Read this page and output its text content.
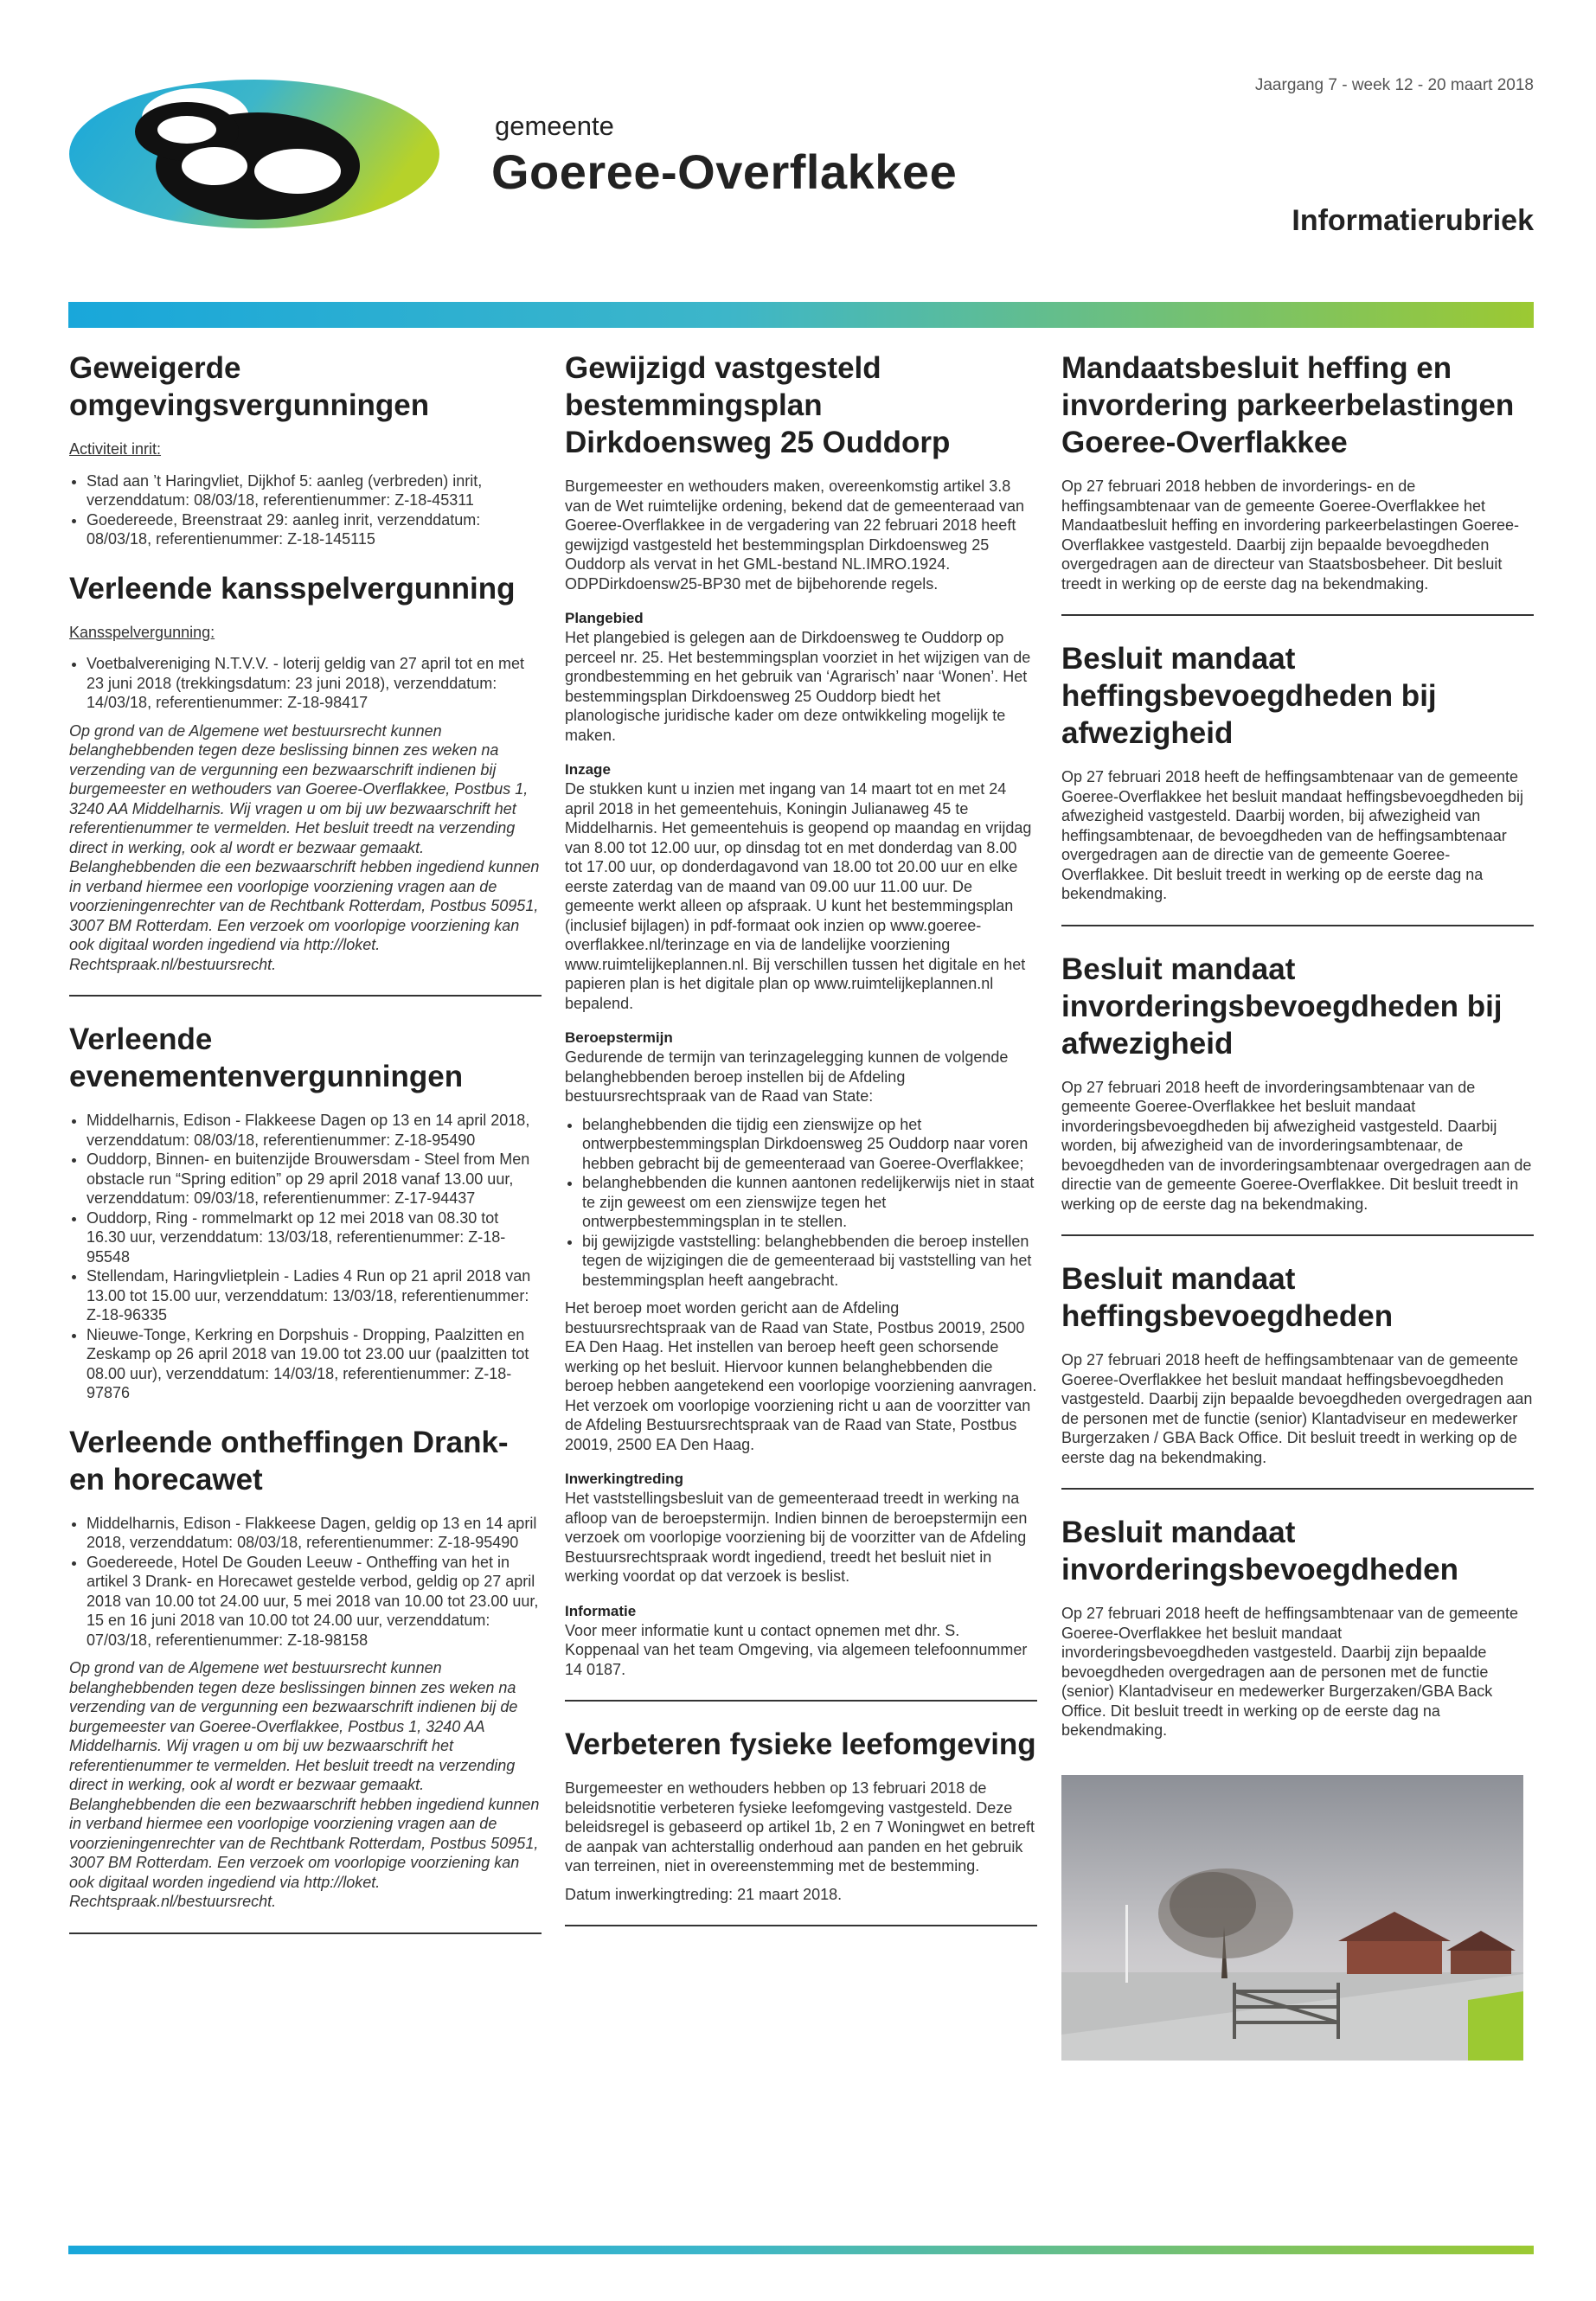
Jaargang 7 - week 12 - 20 maart 2018
gemeente
Goeree-Overflakkee
Informatierubriek
Geweigerde omgevingsvergunningen
Activiteit inrit:
• Stad aan ’t Haringvliet, Dijkhof 5: aanleg (verbreden) inrit, verzenddatum: 08/03/18, referentienummer: Z-18-45311
• Goedereede, Breenstraat 29: aanleg inrit, verzenddatum: 08/03/18, referentienummer: Z-18-145115
Verleende kansspelvergunning
Kansspelvergunning:
• Voetbalvereniging N.T.V.V. - loterij geldig van 27 april tot en met 23 juni 2018 (trekkingsdatum: 23 juni 2018), verzenddatum: 14/03/18, referentienummer: Z-18-98417

Op grond van de Algemene wet bestuursrecht kunnen belanghebbenden tegen deze beslissing binnen zes weken na verzending van de vergunning een bezwaarschrift indienen bij burgemeester en wethouders van Goeree-Overflakkee, Postbus 1, 3240 AA Middelharnis. Wij vragen u om bij uw bezwaarschrift het referentienummer te vermelden. Het besluit treedt na verzending direct in werking, ook al wordt er bezwaar gemaakt. Belanghebbenden die een bezwaarschrift hebben ingediend kunnen in verband hiermee een voorlopige voorziening vragen aan de voorzieningenrechter van de Rechtbank Rotterdam, Postbus 50951, 3007 BM Rotterdam. Een verzoek om voorlopige voorziening kan ook digitaal worden ingediend via http://loket. Rechtspraak.nl/bestuursrecht.

Verleende evenementenvergunningen
• Middelharnis, Edison - Flakkeese Dagen op 13 en 14 april 2018, verzenddatum: 08/03/18, referentienummer: Z-18-95490
• Ouddorp, Binnen- en buitenzijde Brouwersdam - Steel from Men obstacle run “Spring edition” op 29 april 2018 vanaf 13.00 uur, verzenddatum: 09/03/18, referentienummer: Z-17-94437
• Ouddorp, Ring - rommelmarkt op 12 mei 2018 van 08.30 tot 16.30 uur, verzenddatum: 13/03/18, referentienummer: Z-18-95548
• Stellendam, Haringvlietplein - Ladies 4 Run op 21 april 2018 van 13.00 tot 15.00 uur, verzenddatum: 13/03/18, referentienummer: Z-18-96335
• Nieuwe-Tonge, Kerkring en Dorpshuis - Dropping, Paalzitten en Zeskamp op 26 april 2018 van 19.00 tot 23.00 uur (paalzitten tot 08.00 uur), verzenddatum: 14/03/18, referentienummer: Z-18-97876
Verleende ontheffingen Drank- en horecawet
• Middelharnis, Edison - Flakkeese Dagen, geldig op 13 en 14 april 2018, verzenddatum: 08/03/18, referentienummer: Z-18-95490
• Goedereede, Hotel De Gouden Leeuw - Ontheffing van het in artikel 3 Drank- en Horecawet gestelde verbod, geldig op 27 april 2018 van 10.00 tot 24.00 uur, 5 mei 2018 van 10.00 tot 23.00 uur, 15 en 16 juni 2018 van 10.00 tot 24.00 uur, verzenddatum: 07/03/18, referentienummer: Z-18-98158

Op grond van de Algemene wet bestuursrecht kunnen belanghebbenden tegen deze beslissingen binnen zes weken na verzending van de vergunning een bezwaarschrift indienen bij de burgemeester van Goeree-Overflakkee, Postbus 1, 3240 AA Middelharnis. Wij vragen u om bij uw bezwaarschrift het referentienummer te vermelden. Het besluit treedt na verzending direct in werking, ook al wordt er bezwaar gemaakt. Belanghebbenden die een bezwaarschrift hebben ingediend kunnen in verband hiermee een voorlopige voorziening vragen aan de voorzieningenrechter van de Rechtbank Rotterdam, Postbus 50951, 3007 BM Rotterdam. Een verzoek om voorlopige voorziening kan ook digitaal worden ingediend via http://loket. Rechtspraak.nl/bestuursrecht.

Gewijzigd vastgesteld bestemmingsplan Dirkdoensweg 25 Ouddorp

Burgemeester en wethouders maken, overeenkomstig artikel 3.8 van de Wet ruimtelijke ordening, bekend dat de gemeenteraad van Goeree-Overflakkee in de vergadering van 22 februari 2018 heeft gewijzigd vastgesteld het bestemmingsplan Dirkdoensweg 25 Ouddorp als vervat in het GML-bestand NL.IMRO.1924. ODPDirkdoensw25-BP30 met de bijbehorende regels.

Plangebied

Het plangebied is gelegen aan de Dirkdoensweg te Ouddorp op perceel nr. 25. Het bestemmingsplan voorziet in het wijzigen van de grondbestemming en het gebruik van ‘Agrarisch’ naar ‘Wonen’. Het bestemmingsplan Dirkdoensweg 25 Ouddorp biedt het planologische juridische kader om deze ontwikkeling mogelijk te maken.

Inzage

De stukken kunt u inzien met ingang van 14 maart tot en met 24 april 2018 in het gemeentehuis, Koningin Julianaweg 45 te Middelharnis. Het gemeentehuis is geopend op maandag en vrijdag van 8.00 tot 12.00 uur, op dinsdag tot en met donderdag van 8.00 tot 17.00 uur, op donderdagavond van 18.00 tot 20.00 uur en elke eerste zaterdag van de maand van 09.00 uur 11.00 uur. De gemeente werkt alleen op afspraak. U kunt het bestemmingsplan (inclusief bijlagen) in pdf-formaat ook inzien op www.goeree-overflakkee.nl/terinzage en via de landelijke voorziening www.ruimtelijkeplannen.nl. Bij verschillen tussen het digitale en het papieren plan is het digitale plan op www.ruimtelijkeplannen.nl bepalend.

Beroepstermijn

Gedurende de termijn van terinzagelegging kunnen de volgende belanghebbenden beroep instellen bij de Afdeling bestuursrechtspraak van de Raad van State:

• belanghebbenden die tijdig een zienswijze op het ontwerpbestemmingsplan Dirkdoensweg 25 Ouddorp naar voren hebben gebracht bij de gemeenteraad van Goeree-Overflakkee;
• belanghebbenden die kunnen aantonen redelijkerwijs niet in staat te zijn geweest om een zienswijze tegen het ontwerpbestemmingsplan in te stellen.
• bij gewijzigde vaststelling: belanghebbenden die beroep instellen tegen de wijzigingen die de gemeenteraad bij vaststelling van het bestemmingsplan heeft aangebracht.

Het beroep moet worden gericht aan de Afdeling bestuursrechtspraak van de Raad van State, Postbus 20019, 2500 EA Den Haag. Het instellen van beroep heeft geen schorsende werking op het besluit. Hiervoor kunnen belanghebbenden die beroep hebben aangetekend een voorlopige voorziening aanvragen. Het verzoek om voorlopige voorziening richt u aan de voorzitter van de Afdeling Bestuursrechtspraak van de Raad van State, Postbus 20019, 2500 EA Den Haag.

Inwerkingtreding

Het vaststellingsbesluit van de gemeenteraad treedt in werking na afloop van de beroepstermijn. Indien binnen de beroepstermijn een verzoek om voorlopige voorziening bij de voorzitter van de Afdeling Bestuursrechtspraak wordt ingediend, treedt het besluit niet in werking voordat op dat verzoek is beslist.

Informatie

Voor meer informatie kunt u contact opnemen met dhr. S. Koppenaal van het team Omgeving, via algemeen telefoonnummer 14 0187.

Verbeteren fysieke leefomgeving

Burgemeester en wethouders hebben op 13 februari 2018 de beleidsnotitie verbeteren fysieke leefomgeving vastgesteld. Deze beleidsregel is gebaseerd op artikel 1b, 2 en 7 Woningwet en betreft de aanpak van achterstallig onderhoud aan panden en het gebruik van terreinen, niet in overeenstemming met de bestemming.

Datum inwerkingtreding: 21 maart 2018.

Mandaatsbesluit heffing en invordering parkeerbelastingen Goeree-Overflakkee

Op 27 februari 2018 hebben de invorderings- en de heffingsambtenaar van de gemeente Goeree-Overflakkee het Mandaatbesluit heffing en invordering parkeerbelastingen Goeree-Overflakkee vastgesteld. Daarbij zijn bepaalde bevoegdheden overgedragen aan de directeur van Staatsbosbeheer. Dit besluit treedt in werking op de eerste dag na bekendmaking.

Besluit mandaat heffingsbevoegdheden bij afwezigheid

Op 27 februari 2018 heeft de heffingsambtenaar van de gemeente Goeree-Overflakkee het besluit mandaat heffingsbevoegdheden bij afwezigheid vastgesteld. Daarbij worden, bij afwezigheid van heffingsambtenaar, de bevoegdheden van de heffingsambtenaar overgedragen aan de directie van de gemeente Goeree-Overflakkee. Dit besluit treedt in werking op de eerste dag na bekendmaking.

Besluit mandaat invorderingsbevoegdheden bij afwezigheid

Op 27 februari 2018 heeft de invorderingsambtenaar van de gemeente Goeree-Overflakkee het besluit mandaat invorderingsbevoegdheden bij afwezigheid vastgesteld. Daarbij worden, bij afwezigheid van de invorderingsambtenaar, de bevoegdheden van de invorderingsambtenaar overgedragen aan de directie van de gemeente Goeree-Overflakkee. Dit besluit treedt in werking op de eerste dag na bekendmaking.

Besluit mandaat heffingsbevoegdheden

Op 27 februari 2018 heeft de heffingsambtenaar van de gemeente Goeree-Overflakkee het besluit mandaat heffingsbevoegdheden vastgesteld. Daarbij zijn bepaalde bevoegdheden overgedragen aan de personen met de functie (senior) Klantadviseur en medewerker Burgerzaken / GBA Back Office. Dit besluit treedt in werking op de eerste dag na bekendmaking.

Besluit mandaat invorderingsbevoegdheden

Op 27 februari 2018 heeft de heffingsambtenaar van de gemeente Goeree-Overflakkee het besluit mandaat invorderingsbevoegdheden vastgesteld. Daarbij zijn bepaalde bevoegdheden overgedragen aan de personen met de functie (senior) Klantadviseur en medewerker Burgerzaken/GBA Back Office. Dit besluit treedt in werking op de eerste dag na bekendmaking.
